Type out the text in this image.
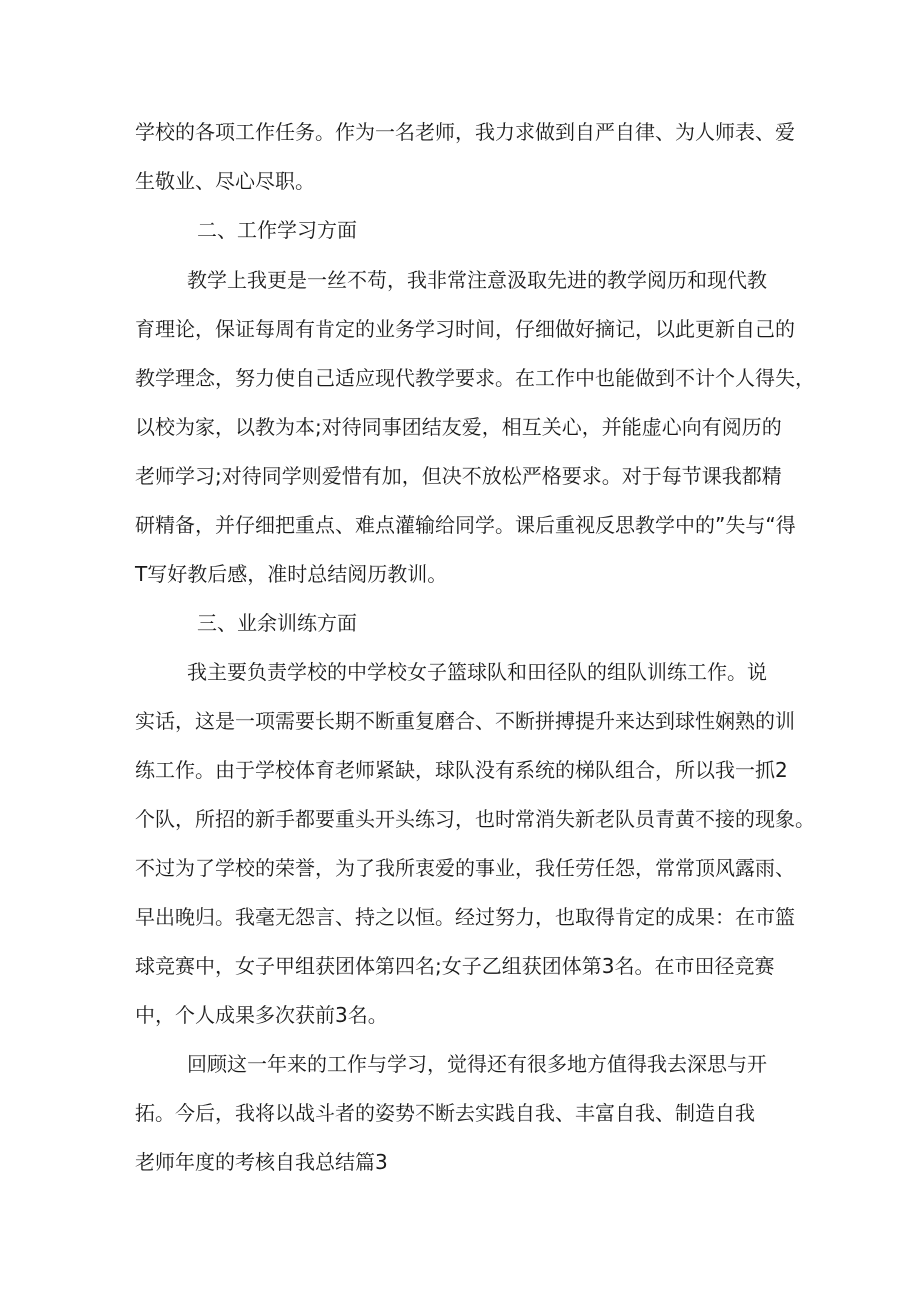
学校的各项工作任务。作为一名老师，我力求做到自严自律、为人师表、爱
生敬业、尽心尽职。
二、工作学习方面
教学上我更是一丝不苟，我非常注意汲取先进的教学阅历和现代教
育理论，保证每周有肯定的业务学习时间，仔细做好摘记，以此更新自己的
教学理念，努力使自己适应现代教学要求。在工作中也能做到不计个人得失，
以校为家，以教为本;对待同事团结友爱，相互关心，并能虚心向有阅历的
老师学习;对待同学则爱惜有加，但决不放松严格要求。对于每节课我都精
研精备，并仔细把重点、难点灌输给同学。课后重视反思教学中的”失与“得
T写好教后感，准时总结阅历教训。
三、业余训练方面
我主要负责学校的中学校女子篮球队和田径队的组队训练工作。说
实话，这是一项需要长期不断重复磨合、不断拼搏提升来达到球性娴熟的训
练工作。由于学校体育老师紧缺，球队没有系统的梯队组合，所以我一抓2
个队，所招的新手都要重头开头练习，也时常消失新老队员青黄不接的现象。
不过为了学校的荣誉，为了我所衷爱的事业，我任劳任怨，常常顶风露雨、
早出晚归。我毫无怨言、持之以恒。经过努力，也取得肯定的成果：在市篮
球竞赛中，女子甲组获团体第四名;女子乙组获团体第3名。在市田径竞赛
中，个人成果多次获前3名。
回顾这一年来的工作与学习，觉得还有很多地方值得我去深思与开
拓。今后，我将以战斗者的姿势不断去实践自我、丰富自我、制造自我
老师年度的考核自我总结篇3
